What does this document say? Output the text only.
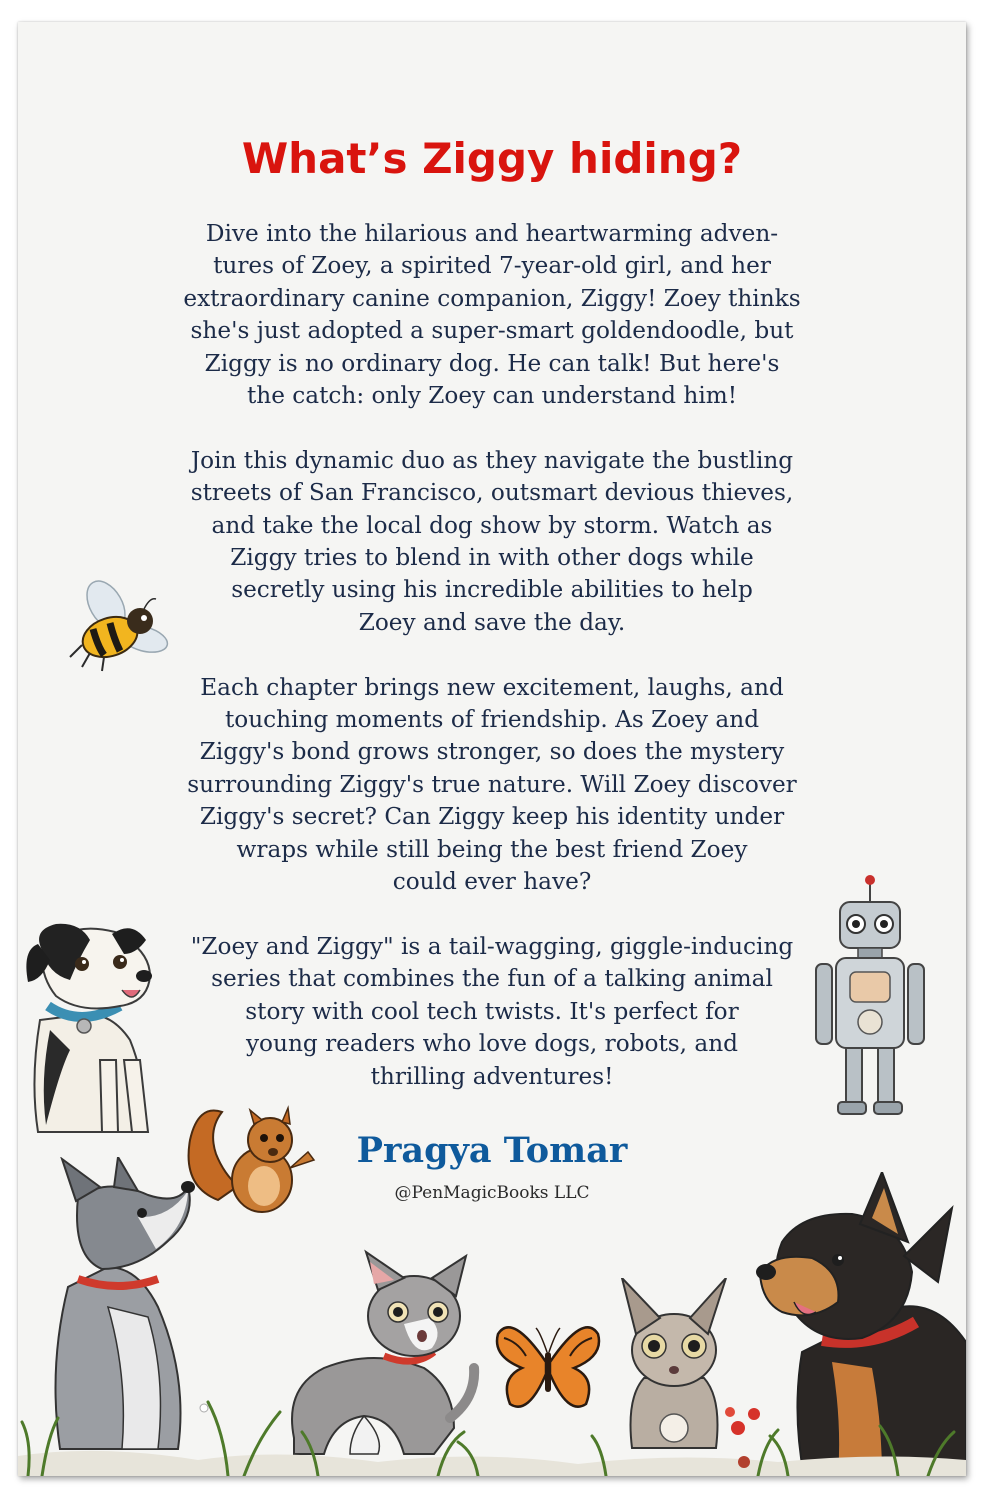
What’s Ziggy hiding?

Dive into the hilarious and heartwarming adven-
tures of Zoey, a spirited 7-year-old girl, and her
extraordinary canine companion, Ziggy! Zoey thinks
she's just adopted a super-smart goldendoodle, but
Ziggy is no ordinary dog. He can talk! But here's
the catch: only Zoey can understand him!

Join this dynamic duo as they navigate the bustling
streets of San Francisco, outsmart devious thieves,
and take the local dog show by storm. Watch as
Ziggy tries to blend in with other dogs while
secretly using his incredible abilities to help
Zoey and save the day.

Each chapter brings new excitement, laughs, and
touching moments of friendship. As Zoey and
Ziggy's bond grows stronger, so does the mystery
surrounding Ziggy's true nature. Will Zoey discover
Ziggy's secret? Can Ziggy keep his identity under
wraps while still being the best friend Zoey
could ever have?

"Zoey and Ziggy" is a tail-wagging, giggle-inducing
series that combines the fun of a talking animal
story with cool tech twists. It's perfect for
young readers who love dogs, robots, and
thrilling adventures!

Pragya Tomar
@PenMagicBooks LLC
